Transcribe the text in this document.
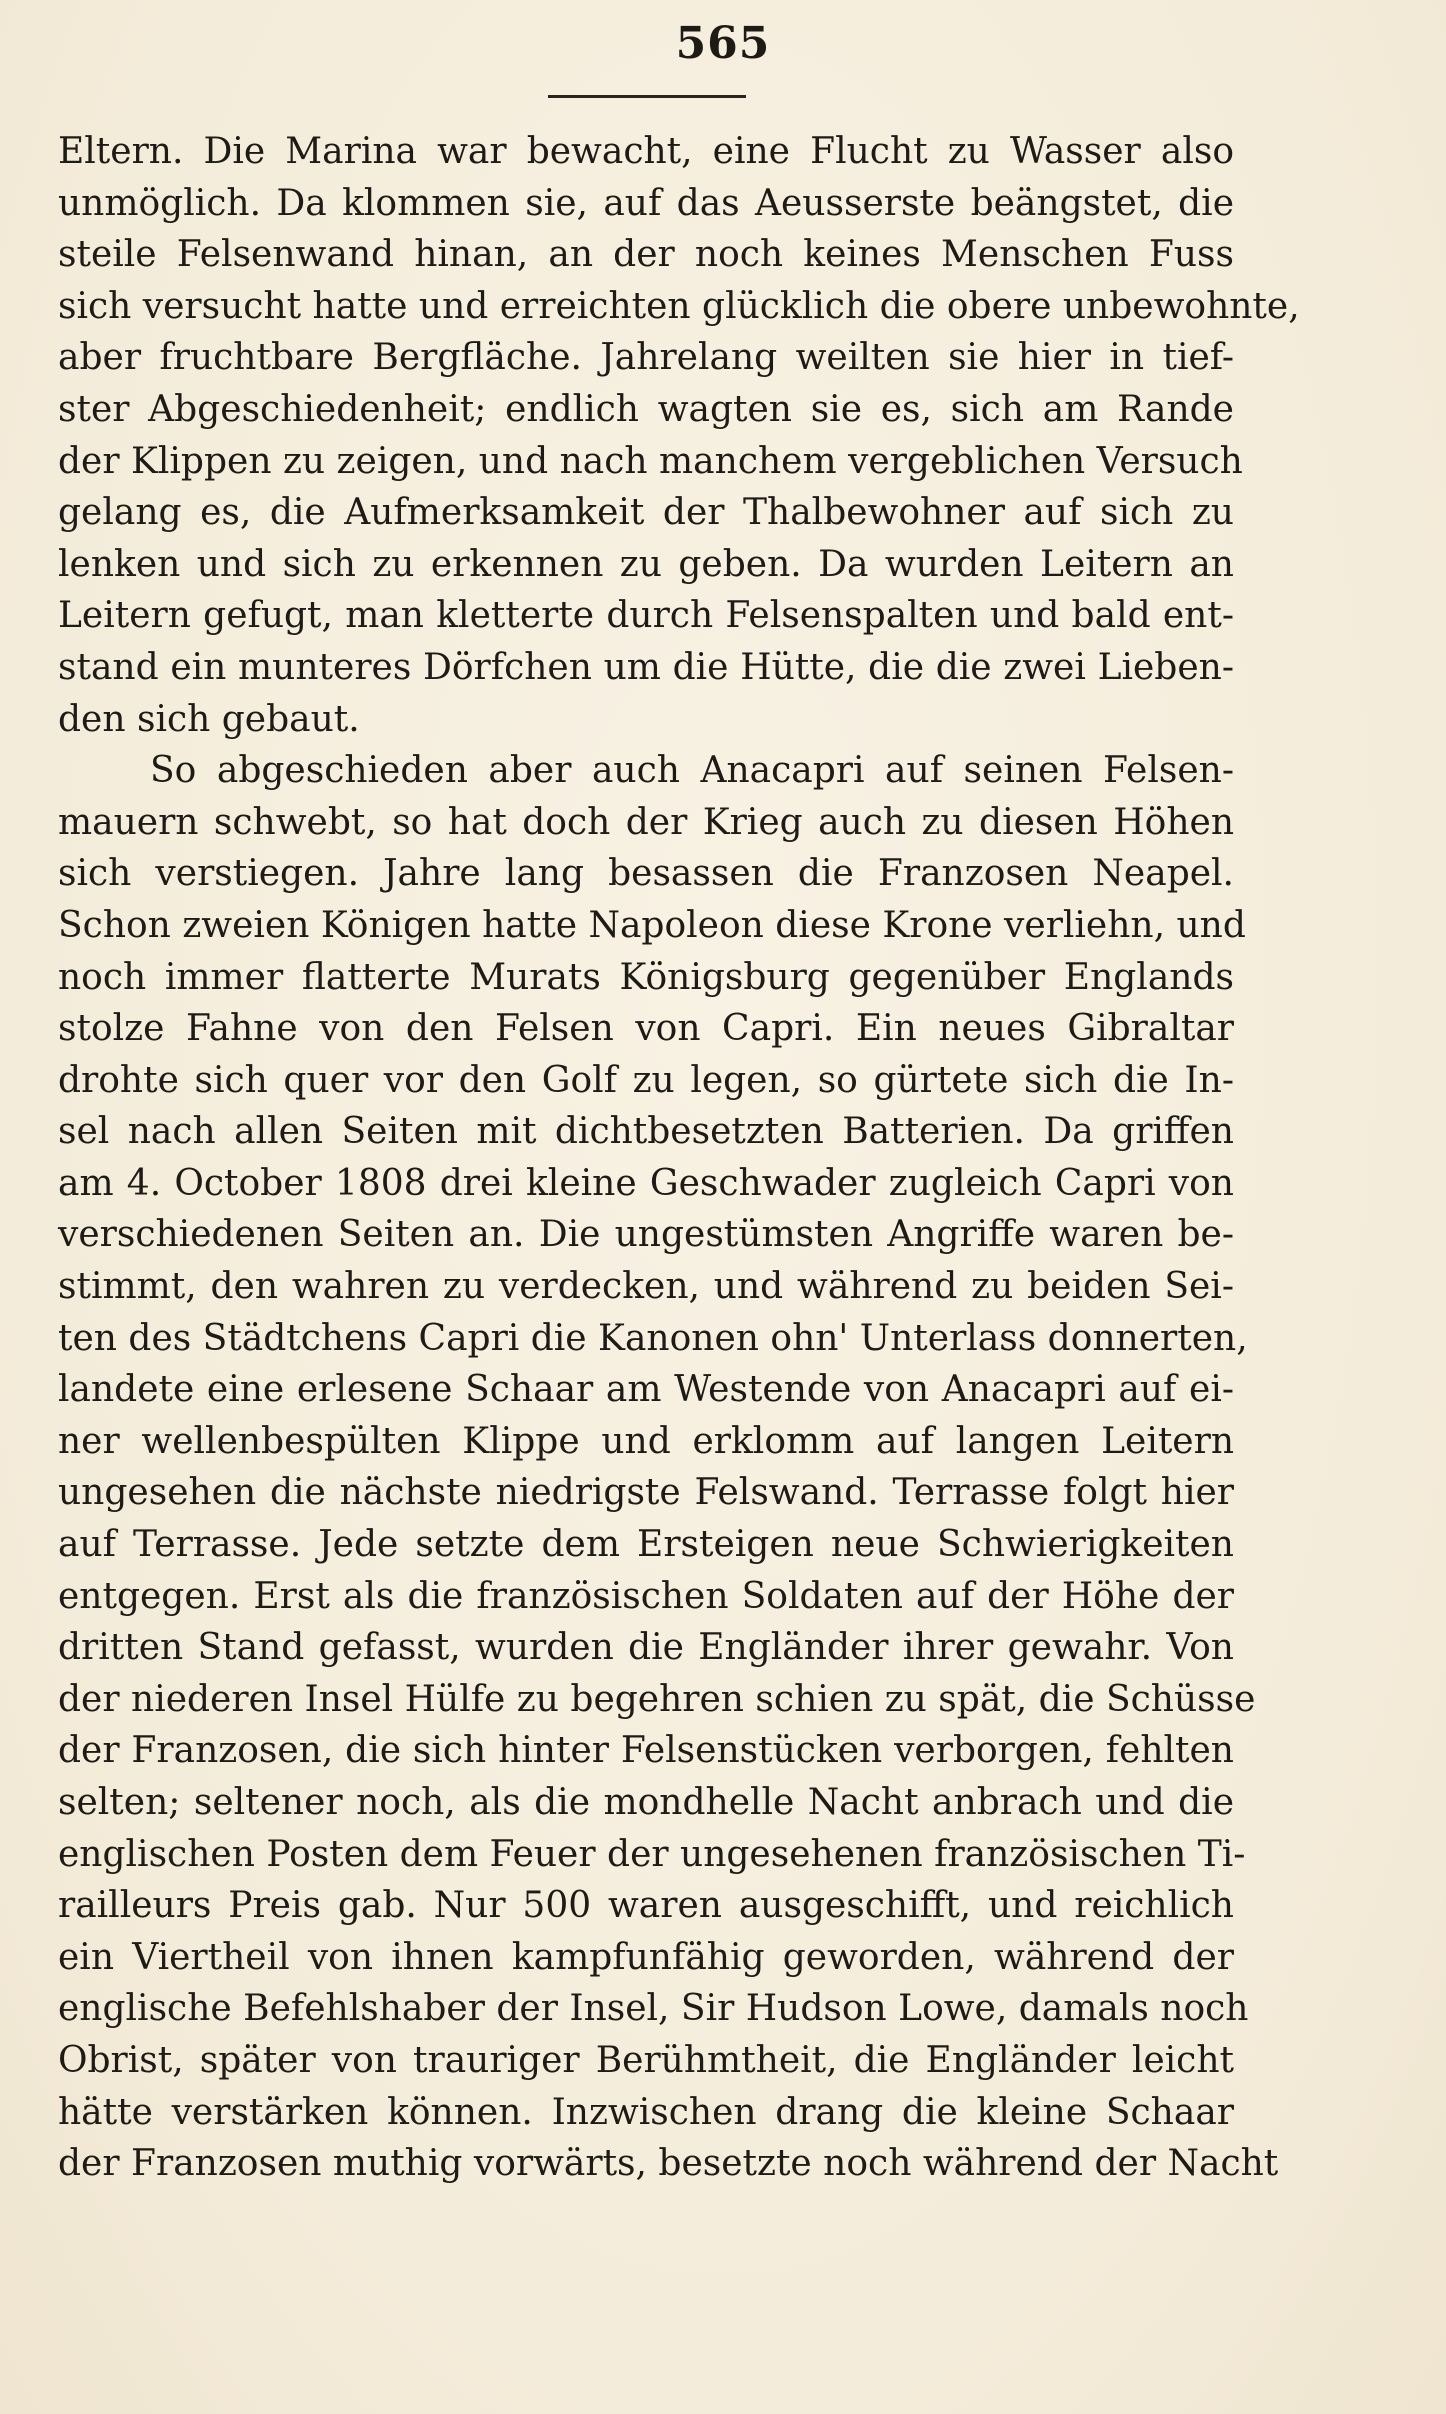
565
Eltern. Die Marina war bewacht, eine Flucht zu Wasser also
unmöglich. Da klommen sie, auf das Aeusserste beängstet, die
steile Felsenwand hinan, an der noch keines Menschen Fuss
sich versucht hatte und erreichten glücklich die obere unbewohnte,
aber fruchtbare Bergfläche. Jahrelang weilten sie hier in tief-
ster Abgeschiedenheit; endlich wagten sie es, sich am Rande
der Klippen zu zeigen, und nach manchem vergeblichen Versuch
gelang es, die Aufmerksamkeit der Thalbewohner auf sich zu
lenken und sich zu erkennen zu geben. Da wurden Leitern an
Leitern gefugt, man kletterte durch Felsenspalten und bald ent-
stand ein munteres Dörfchen um die Hütte, die die zwei Lieben-
den sich gebaut.
So abgeschieden aber auch Anacapri auf seinen Felsen-
mauern schwebt, so hat doch der Krieg auch zu diesen Höhen
sich verstiegen. Jahre lang besassen die Franzosen Neapel.
Schon zweien Königen hatte Napoleon diese Krone verliehn, und
noch immer flatterte Murats Königsburg gegenüber Englands
stolze Fahne von den Felsen von Capri. Ein neues Gibraltar
drohte sich quer vor den Golf zu legen, so gürtete sich die In-
sel nach allen Seiten mit dichtbesetzten Batterien. Da griffen
am 4. October 1808 drei kleine Geschwader zugleich Capri von
verschiedenen Seiten an. Die ungestümsten Angriffe waren be-
stimmt, den wahren zu verdecken, und während zu beiden Sei-
ten des Städtchens Capri die Kanonen ohn' Unterlass donnerten,
landete eine erlesene Schaar am Westende von Anacapri auf ei-
ner wellenbespülten Klippe und erklomm auf langen Leitern
ungesehen die nächste niedrigste Felswand. Terrasse folgt hier
auf Terrasse. Jede setzte dem Ersteigen neue Schwierigkeiten
entgegen. Erst als die französischen Soldaten auf der Höhe der
dritten Stand gefasst, wurden die Engländer ihrer gewahr. Von
der niederen Insel Hülfe zu begehren schien zu spät, die Schüsse
der Franzosen, die sich hinter Felsenstücken verborgen, fehlten
selten; seltener noch, als die mondhelle Nacht anbrach und die
englischen Posten dem Feuer der ungesehenen französischen Ti-
railleurs Preis gab. Nur 500 waren ausgeschifft, und reichlich
ein Viertheil von ihnen kampfunfähig geworden, während der
englische Befehlshaber der Insel, Sir Hudson Lowe, damals noch
Obrist, später von trauriger Berühmtheit, die Engländer leicht
hätte verstärken können. Inzwischen drang die kleine Schaar
der Franzosen muthig vorwärts, besetzte noch während der Nacht
